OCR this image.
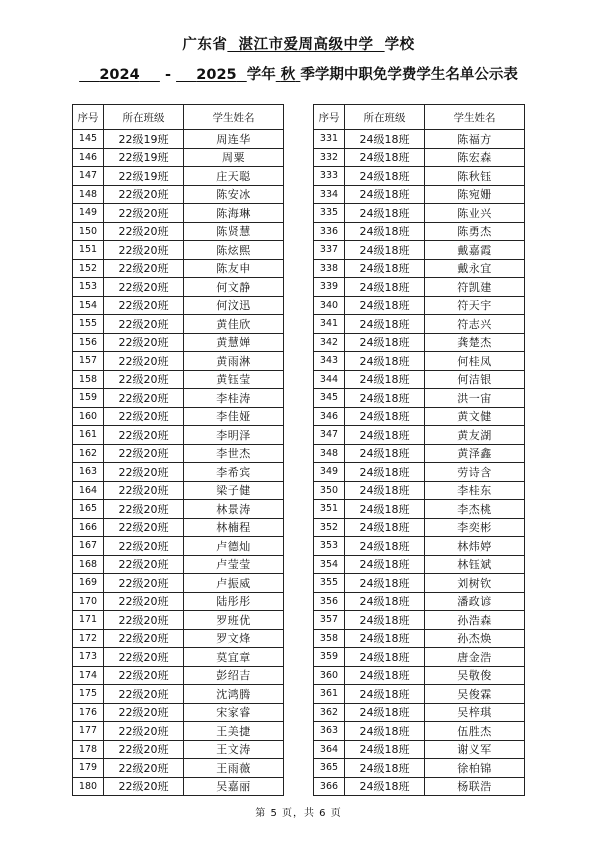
广东省 湛江市爱周高级中学 学校
2024 - 2025 学年 秋 季学期中职免学费学生名单公示表
序号	所在班级	学生姓名
145	22级19班	周连华
146	22级19班	周粟
147	22级19班	庄天聪
148	22级20班	陈安冰
149	22级20班	陈海琳
150	22级20班	陈贤慧
151	22级20班	陈炫熙
152	22级20班	陈友申
153	22级20班	何文静
154	22级20班	何汶迅
155	22级20班	黄佳欣
156	22级20班	黄慧婵
157	22级20班	黄雨淋
158	22级20班	黄钰莹
159	22级20班	李桂涛
160	22级20班	李佳娅
161	22级20班	李明泽
162	22级20班	李世杰
163	22级20班	李希宾
164	22级20班	梁子健
165	22级20班	林景涛
166	22级20班	林楠程
167	22级20班	卢德灿
168	22级20班	卢莹莹
169	22级20班	卢振威
170	22级20班	陆彤彤
171	22级20班	罗班优
172	22级20班	罗文烽
173	22级20班	莫宜章
174	22级20班	彭绍吉
175	22级20班	沈鸿腾
176	22级20班	宋家睿
177	22级20班	王美捷
178	22级20班	王文涛
179	22级20班	王雨薇
180	22级20班	吴嘉丽
序号	所在班级	学生姓名
331	24级18班	陈福方
332	24级18班	陈宏森
333	24级18班	陈秋钰
334	24级18班	陈宛姗
335	24级18班	陈业兴
336	24级18班	陈勇杰
337	24级18班	戴嘉霞
338	24级18班	戴永宜
339	24级18班	符凯建
340	24级18班	符天宇
341	24级18班	符志兴
342	24级18班	龚楚杰
343	24级18班	何桂凤
344	24级18班	何洁银
345	24级18班	洪一宙
346	24级18班	黄文健
347	24级18班	黄友湖
348	24级18班	黄泽鑫
349	24级18班	劳诗含
350	24级18班	李桂东
351	24级18班	李杰桃
352	24级18班	李奕彬
353	24级18班	林炜婷
354	24级18班	林钰斌
355	24级18班	刘树钦
356	24级18班	潘政谚
357	24级18班	孙浩森
358	24级18班	孙杰焕
359	24级18班	唐金浩
360	24级18班	吴敬俊
361	24级18班	吴俊霖
362	24级18班	吴梓琪
363	24级18班	伍胜杰
364	24级18班	谢义军
365	24级18班	徐柏锦
366	24级18班	杨联浩
第 5 页，共 6 页
